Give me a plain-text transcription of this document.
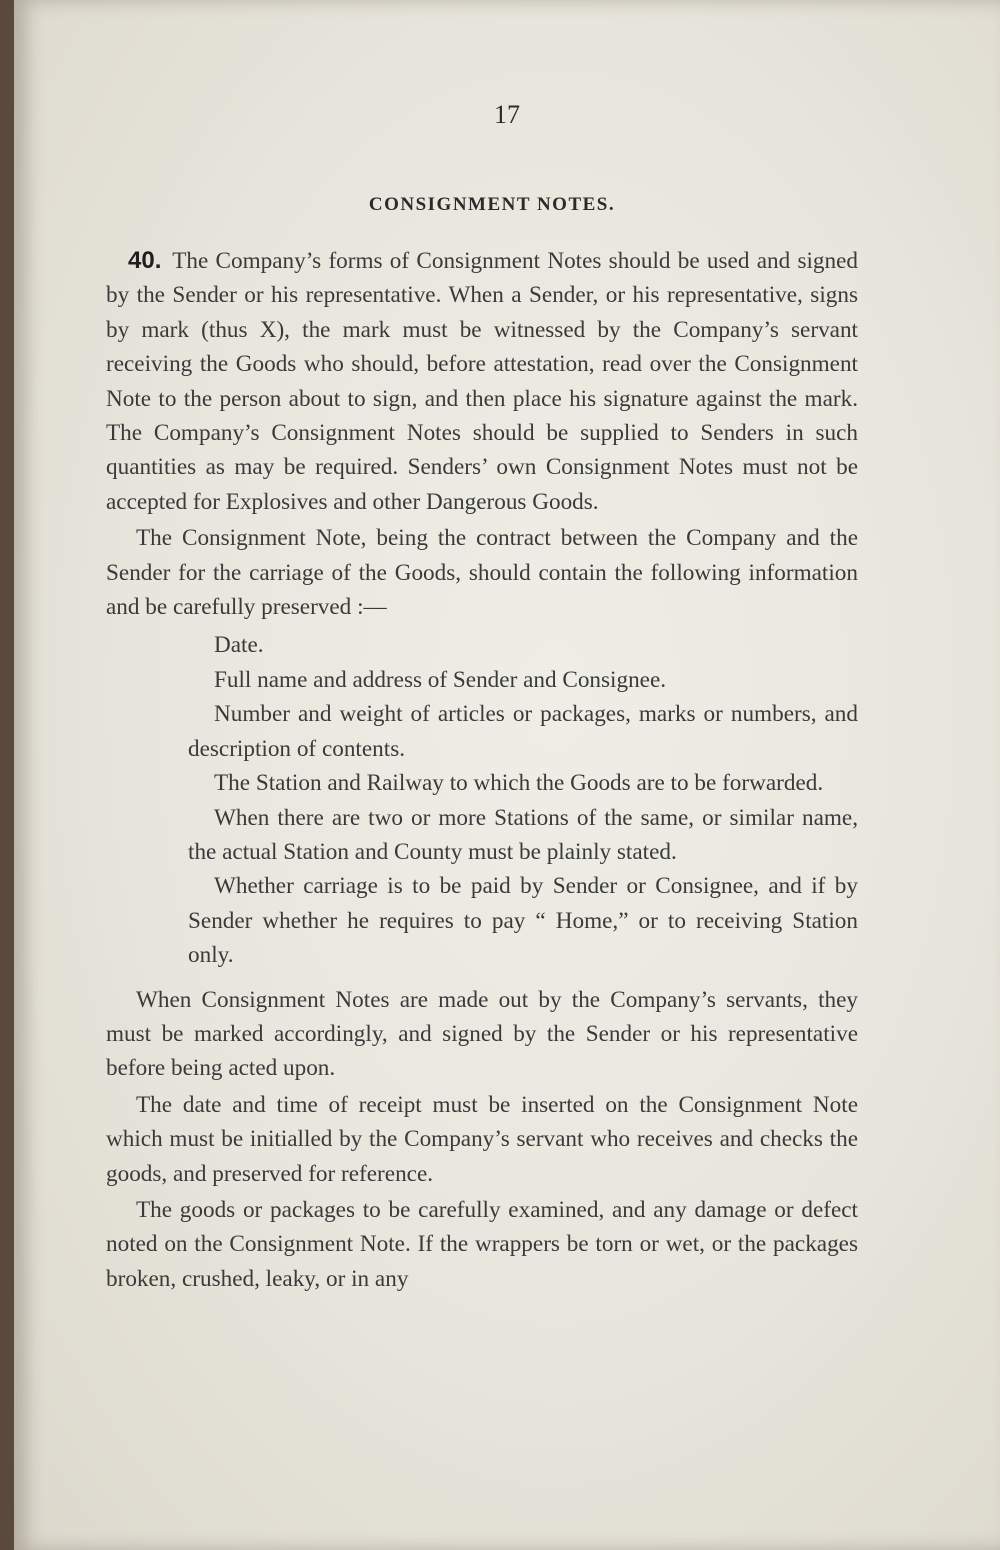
17
CONSIGNMENT NOTES.

40. The Company’s forms of Consignment Notes should be used and signed by the Sender or his representative. When a Sender, or his representative, signs by mark (thus X), the mark must be witnessed by the Company’s servant receiving the Goods who should, before attestation, read over the Consignment Note to the person about to sign, and then place his signature against the mark. The Company’s Consignment Notes should be supplied to Senders in such quantities as may be required. Senders’ own Consignment Notes must not be accepted for Explosives and other Dangerous Goods.

The Consignment Note, being the contract between the Company and the Sender for the carriage of the Goods, should contain the following information and be carefully preserved :—

Date.

Full name and address of Sender and Consignee.

Number and weight of articles or packages, marks or numbers, and description of contents.

The Station and Railway to which the Goods are to be forwarded.

When there are two or more Stations of the same, or similar name, the actual Station and County must be plainly stated.

Whether carriage is to be paid by Sender or Consignee, and if by Sender whether he requires to pay “ Home,” or to receiving Station only.

When Consignment Notes are made out by the Company’s servants, they must be marked accordingly, and signed by the Sender or his representative before being acted upon.

The date and time of receipt must be inserted on the Consignment Note which must be initialled by the Company’s servant who receives and checks the goods, and preserved for reference.

The goods or packages to be carefully examined, and any damage or defect noted on the Consignment Note. If the wrappers be torn or wet, or the packages broken, crushed, leaky, or in any
